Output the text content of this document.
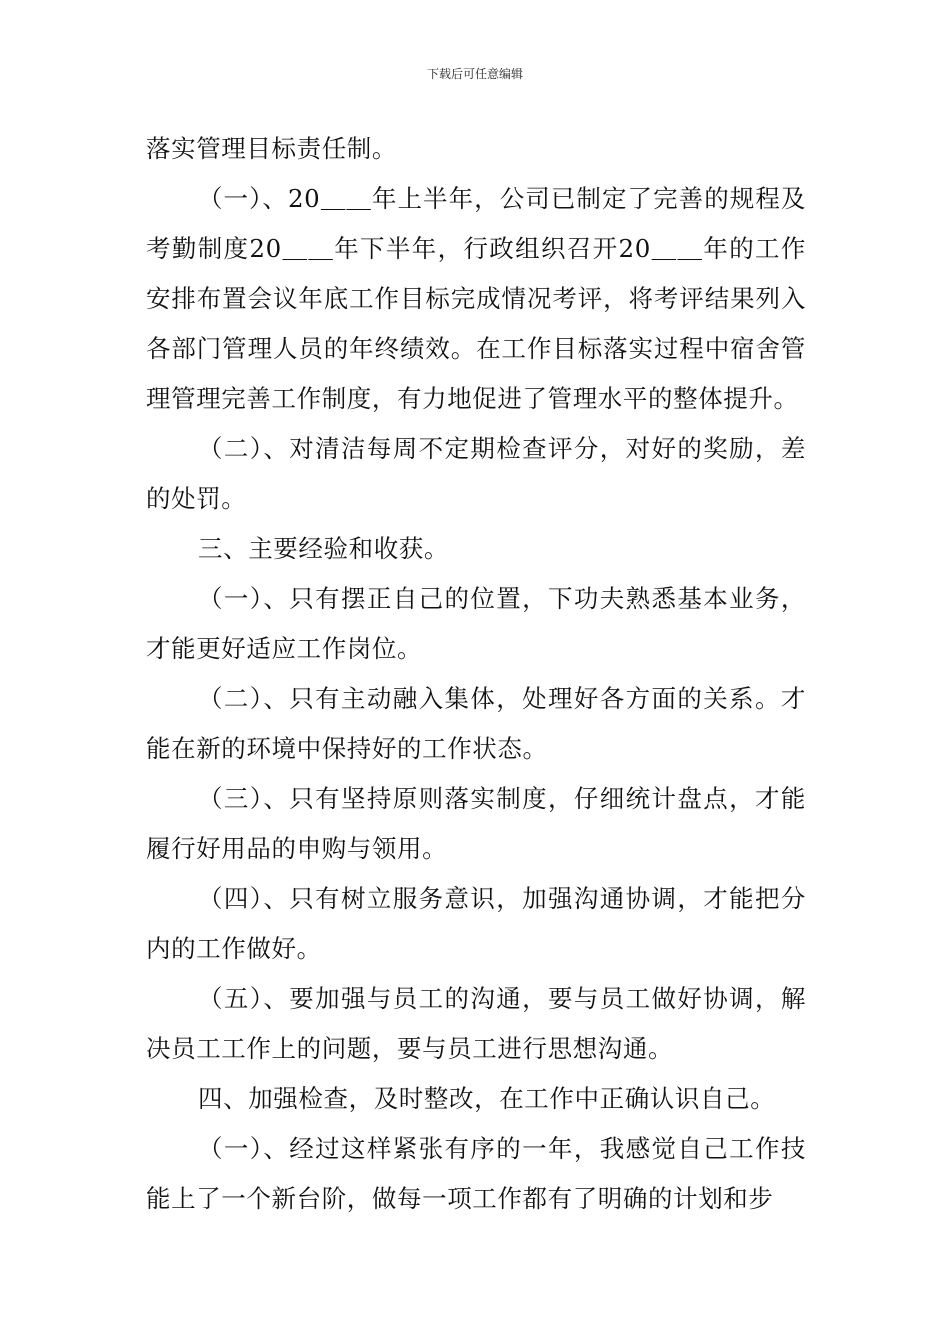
下载后可任意编辑

落实管理目标责任制。

（一）、20＿＿年上半年，公司已制定了完善的规程及考勤制度20＿＿年下半年，行政组织召开20＿＿年的工作安排布置会议年底工作目标完成情况考评，将考评结果列入各部门管理人员的年终绩效。在工作目标落实过程中宿舍管理管理完善工作制度，有力地促进了管理水平的整体提升。

（二）、对清洁每周不定期检查评分，对好的奖励，差的处罚。

三、主要经验和收获。

（一）、只有摆正自己的位置，下功夫熟悉基本业务，才能更好适应工作岗位。

（二）、只有主动融入集体，处理好各方面的关系。才能在新的环境中保持好的工作状态。

（三）、只有坚持原则落实制度，仔细统计盘点，才能履行好用品的申购与领用。

（四）、只有树立服务意识，加强沟通协调，才能把分内的工作做好。

（五）、要加强与员工的沟通，要与员工做好协调，解决员工工作上的问题，要与员工进行思想沟通。

四、加强检查，及时整改，在工作中正确认识自己。

（一）、经过这样紧张有序的一年，我感觉自己工作技能上了一个新台阶，做每一项工作都有了明确的计划和步
